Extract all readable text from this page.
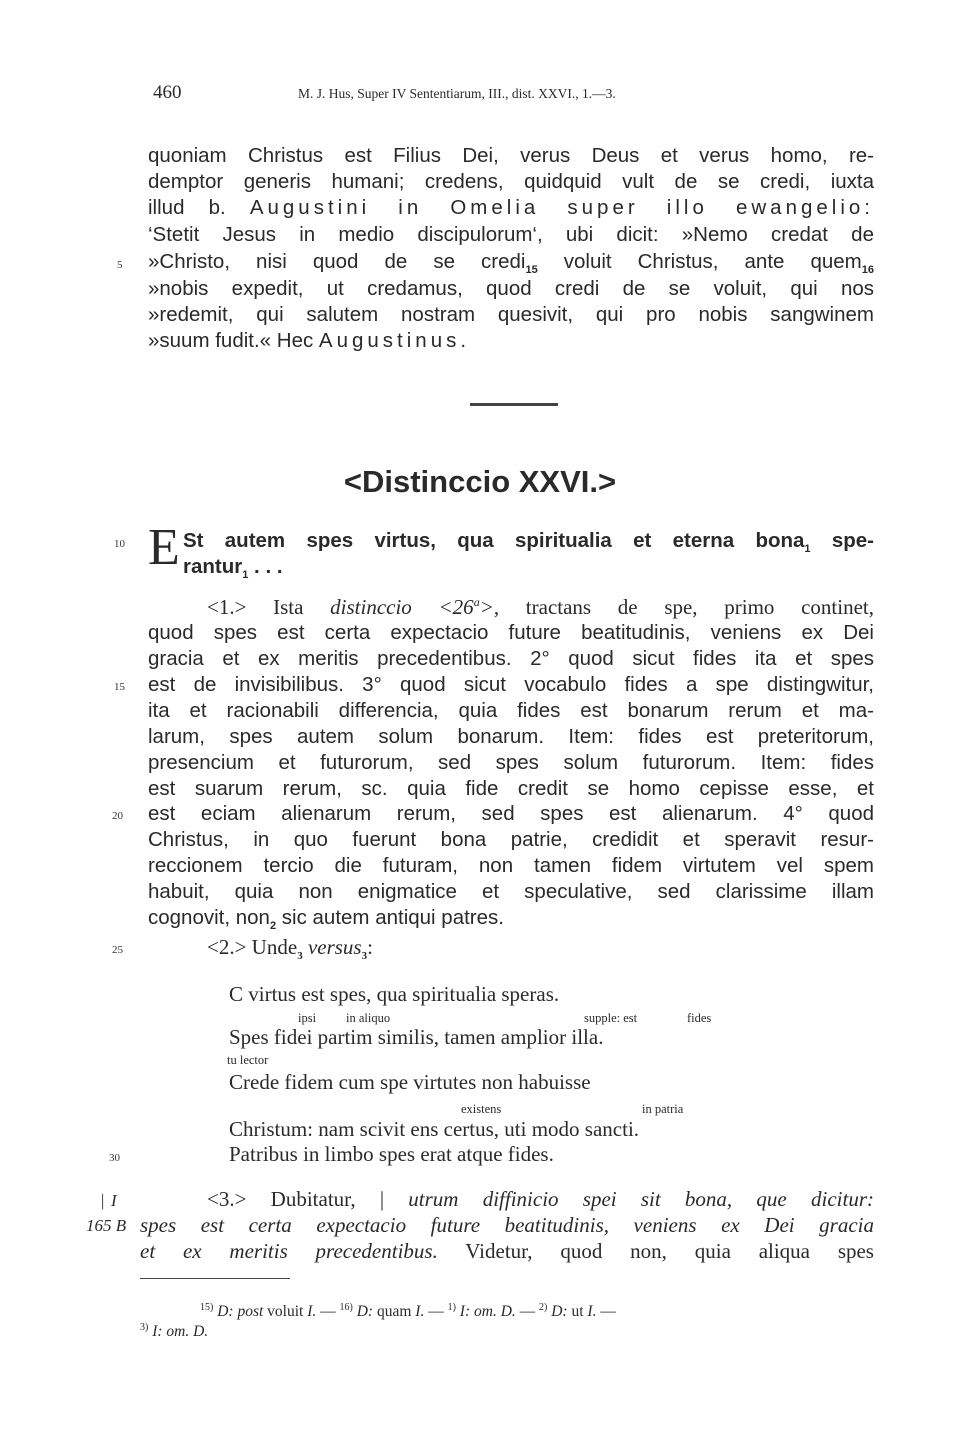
460	M. J. Hus, Super IV Sententiarum, III., dist. XXVI., 1.—3.
quoniam Christus est Filius Dei, verus Deus et verus homo, re-
demptor generis humani; credens, quidquid vult de se credi, iuxta
illud b. Augustini in Omelia super illo ewangelio:
‘Stetit Jesus in medio discipulorum‘, ubi dicit: »Nemo credat de
5 »Christo, nisi quod de se credi$_{15}$ voluit Christus, ante quem$_{16}$
»nobis expedit, ut credamus, quod credi de se voluit, qui nos
»redemit, qui salutem nostram quesivit, qui pro nobis sangwinem
»suum fudit.« Hec Augustinus.
<Distinccio XXVI.>
10 E St autem spes virtus, qua spiritualia et eterna bona$_1$ spe-
rantur$_1$ . . .
<1.> Ista distinccio $<26^a>$, tractans de spe, primo continet,
quod spes est certa expectacio future beatitudinis, veniens ex Dei
gracia et ex meritis precedentibus. 2° quod sicut fides ita et spes
15 est de invisibilibus. 3° quod sicut vocabulo fides a spe distingwitur,
ita et racionabili differencia, quia fides est bonarum rerum et ma-
larum, spes autem solum bonarum. Item: fides est preteritorum,
presencium et futurorum, sed spes solum futurorum. Item: fides
est suarum rerum, sc. quia fide credit se homo cepisse esse, et
20 est eciam alienarum rerum, sed spes est alienarum. 4° quod
Christus, in quo fuerunt bona patrie, credidit et speravit resur-
reccionem tercio die futuram, non tamen fidem virtutem vel spem
habuit, quia non enigmatice et speculative, sed clarissime illam
cognovit, non$_2$ sic autem antiqui patres.
25	<2.> Unde$_3$ versus$_3$:
C virtus est spes, qua spiritualia speras.
ipsi in aliquo	supple: est	fides
Spes fidei partim similis, tamen amplior illa.
tu lector
Crede fidem cum spe virtutes non habuisse
existens	in patria
Christum: nam scivit ens certus, uti modo sancti.
30	Patribus in limbo spes erat atque fides.
| I
165 B
<3.> Dubitatur, | utrum diffinicio spei sit bona, que dicitur:
spes est certa expectacio future beatitudinis, veniens ex Dei gracia
et ex meritis precedentibus. Videtur, quod non, quia aliqua spes
$^{15)}$ D: post voluit I. — $^{16)}$ D: quam I. — $^{1)}$ I: om. D. — $^{2)}$ D: ut I. —
$^{3)}$ I: om. D.
